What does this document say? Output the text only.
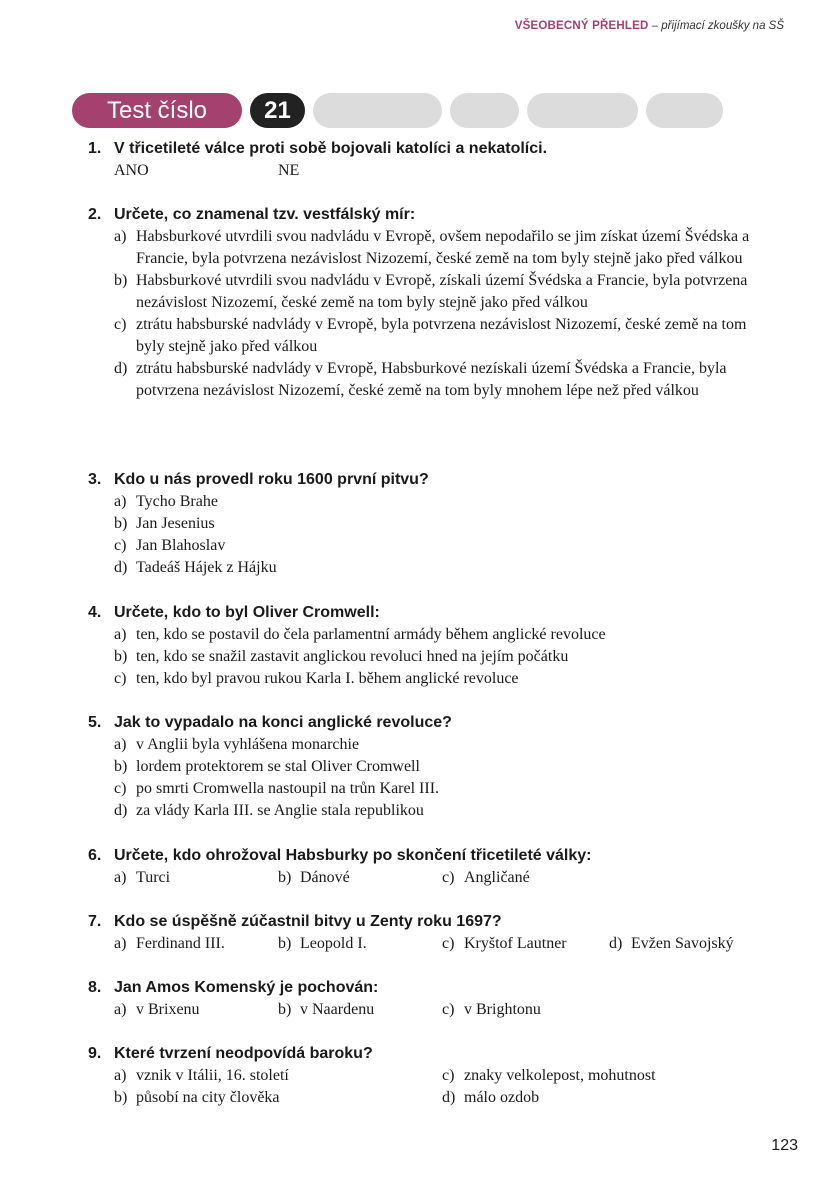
VŠEOBECNÝ PŘEHLED – přijímací zkoušky na SŠ
Test číslo	21
1. V třicetileté válce proti sobě bojovali katolíci a nekatolíci.
ANO	NE
2. Určete, co znamenal tzv. vestfálský mír:
a) Habsburkové utvrdili svou nadvládu v Evropě, ovšem nepodařilo se jim získat území Švédska a Francie, byla potvrzena nezávislost Nizozemí, české země na tom byly stejně jako před válkou
b) Habsburkové utvrdili svou nadvládu v Evropě, získali území Švédska a Francie, byla potvrzena nezávislost Nizozemí, české země na tom byly stejně jako před válkou
c) ztrátu habsburské nadvlády v Evropě, byla potvrzena nezávislost Nizozemí, české země na tom byly stejně jako před válkou
d) ztrátu habsburské nadvlády v Evropě, Habsburkové nezískali území Švédska a Francie, byla potvrzena nezávislost Nizozemí, české země na tom byly mnohem lépe než před válkou
3. Kdo u nás provedl roku 1600 první pitvu?
a) Tycho Brahe
b) Jan Jesenius
c) Jan Blahoslav
d) Tadeáš Hájek z Hájku
4. Určete, kdo to byl Oliver Cromwell:
a) ten, kdo se postavil do čela parlamentní armády během anglické revoluce
b) ten, kdo se snažil zastavit anglickou revoluci hned na jejím počátku
c) ten, kdo byl pravou rukou Karla I. během anglické revoluce
5. Jak to vypadalo na konci anglické revoluce?
a) v Anglii byla vyhlášena monarchie
b) lordem protektorem se stal Oliver Cromwell
c) po smrti Cromwella nastoupil na trůn Karel III.
d) za vlády Karla III. se Anglie stala republikou
6. Určete, kdo ohrožoval Habsburky po skončení třicetileté války:
a) Turci	b) Dánové	c) Angličané
7. Kdo se úspěšně zúčastnil bitvy u Zenty roku 1697?
a) Ferdinand III.	b) Leopold I.	c) Kryštof Lautner	d) Evžen Savojský
8. Jan Amos Komenský je pochován:
a) v Brixenu	b) v Naardenu	c) v Brightonu
9. Které tvrzení neodpovídá baroku?
a) vznik v Itálii, 16. století	c) znaky velkolepost, mohutnost
b) působí na city člověka	d) málo ozdob
123
